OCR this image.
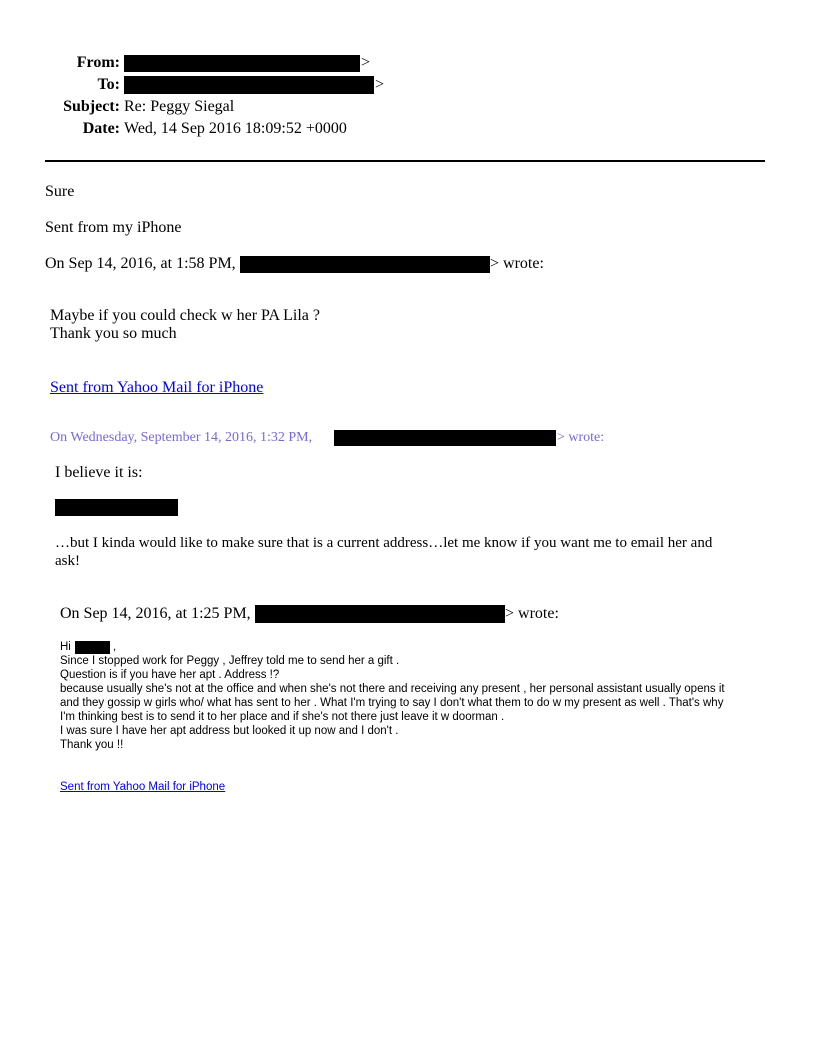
From:	>
To:	>
Subject: Re: Peggy Siegal
Date: Wed, 14 Sep 2016 18:09:52 +0000
Sure
Sent from my iPhone
On Sep 14, 2016, at 1:58 PM,	> wrote:
Maybe if you could check w her PA Lila ?
Thank you so much
Sent from Yahoo Mail for iPhone
On Wednesday, September 14, 2016, 1:32 PM,	> wrote:
I believe it is:
…but I kinda would like to make sure that is a current address…let me know if you want me to email her and
ask!
On Sep 14, 2016, at 1:25 PM,	> wrote:
Hi	,
Since I stopped work for Peggy , Jeffrey told me to send her a gift .
Question is if you have her apt . Address !?
because usually she's not at the office and when she's not there and receiving any present , her personal assistant usually opens it
and they gossip w girls who/ what has sent to her . What I'm trying to say I don't what them to do w my present as well . That's why
I'm thinking best is to send it to her place and if she's not there just leave it w doorman .
I was sure I have her apt address but looked it up now and I don't .
Thank you !!
Sent from Yahoo Mail for iPhone
